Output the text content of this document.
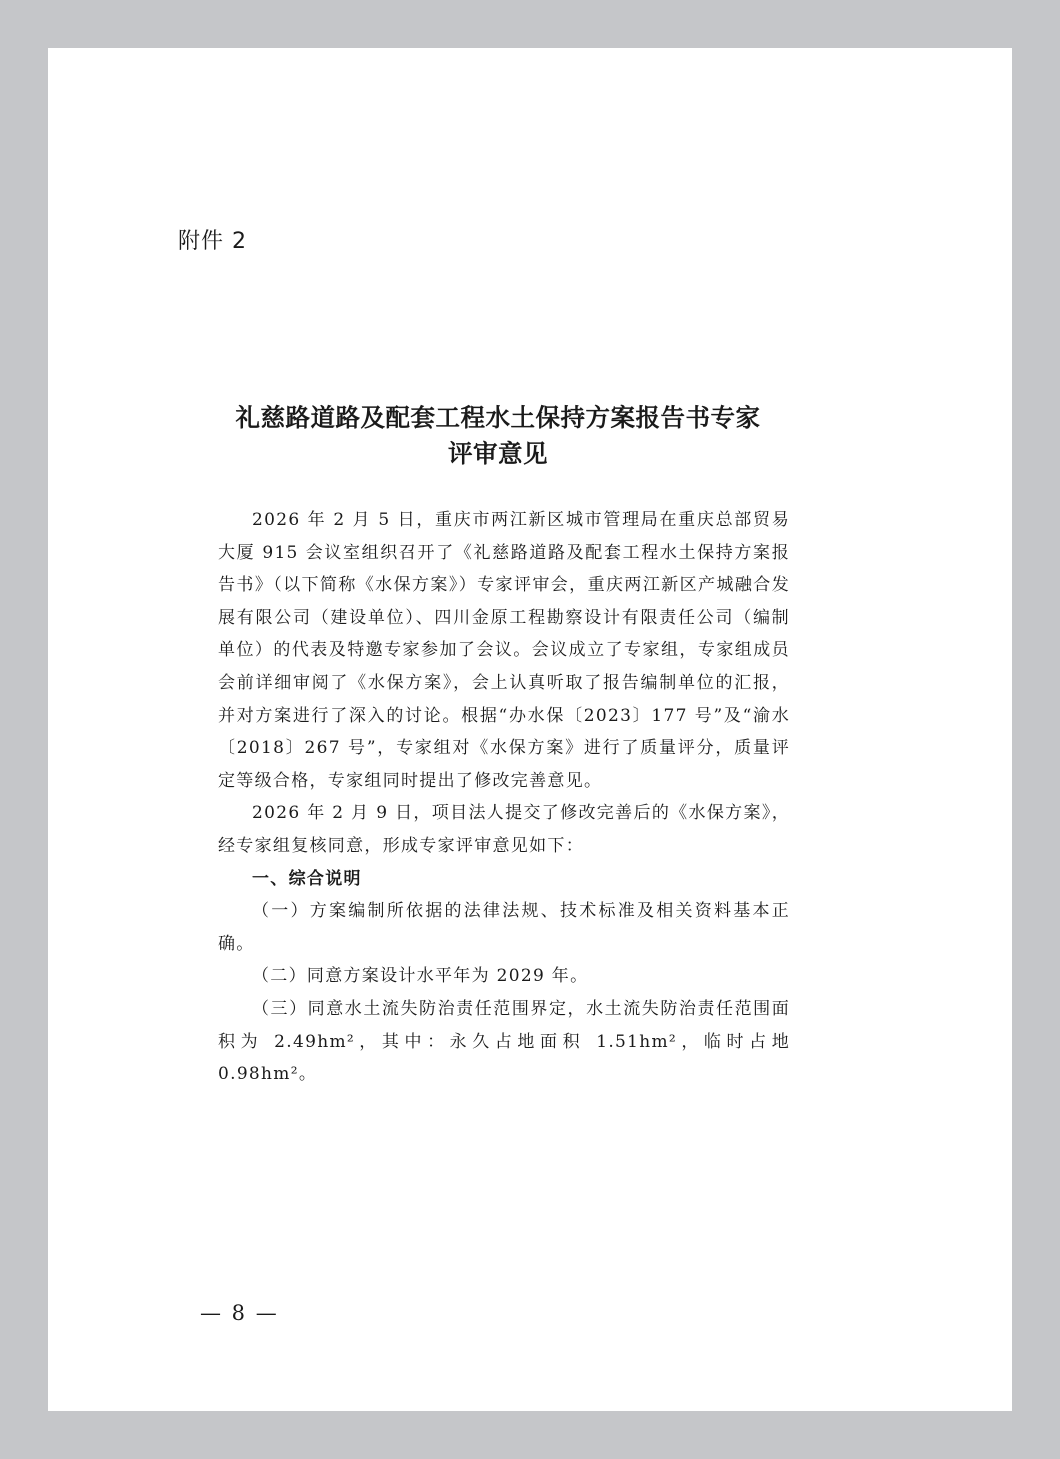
附件 2
礼慈路道路及配套工程水土保持方案报告书专家
评审意见

2026 年 2 月 5 日，重庆市两江新区城市管理局在重庆总部贸易大厦 915 会议室组织召开了《礼慈路道路及配套工程水土保持方案报告书》（以下简称《水保方案》）专家评审会，重庆两江新区产城融合发展有限公司（建设单位）、四川金原工程勘察设计有限责任公司（编制单位）的代表及特邀专家参加了会议。会议成立了专家组，专家组成员会前详细审阅了《水保方案》，会上认真听取了报告编制单位的汇报，并对方案进行了深入的讨论。根据“办水保〔2023〕177 号”及“渝水〔2018〕267 号”，专家组对《水保方案》进行了质量评分，质量评定等级合格，专家组同时提出了修改完善意见。

2026 年 2 月 9 日，项目法人提交了修改完善后的《水保方案》，经专家组复核同意，形成专家评审意见如下：

一、综合说明

（一）方案编制所依据的法律法规、技术标准及相关资料基本正确。

（二）同意方案设计水平年为 2029 年。

（三）同意水土流失防治责任范围界定，水土流失防治责任范围面积为 2.49hm²，其中：永久占地面积 1.51hm²，临时占地 0.98hm²。

— 8 —
